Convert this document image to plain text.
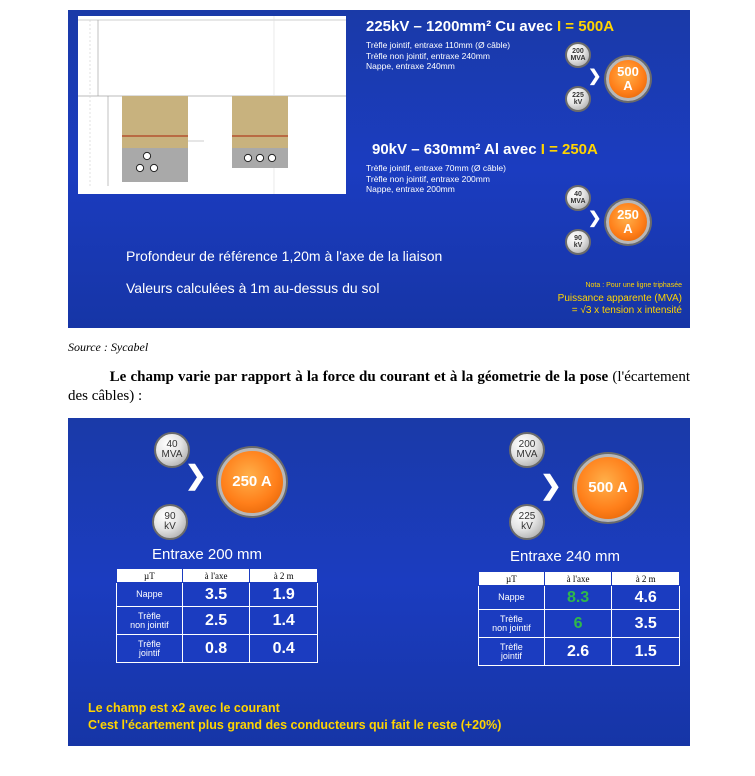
225kV – 1200mm² Cu avec I = 500A
Trèfle jointif, entraxe 110mm (Ø câble)
Trèfle non jointif, entraxe 240mm
Nappe, entraxe 240mm
200
MVA
❯ 500
A
225
kV
90kV – 630mm² Al avec I = 250A
Trèfle jointif, entraxe 70mm (Ø câble)
Trèfle non jointif, entraxe 200mm
Nappe, entraxe 200mm
40
MVA
❯ 250
A
90
kV
Profondeur de référence 1,20m à l'axe de la liaison
Valeurs calculées à 1m au-dessus du sol	Nota : Pour une ligne triphasée
Puissance apparente (MVA)
= √3 x tension x intensité
Source : Sycabel
Le champ varie par rapport à la force du courant et à la géometrie de la pose (l'écartement des câbles) :
40
MVA
❯ 250 A
90
kV
Entraxe 200 mm
µT	à l'axe	à 2 m

Nappe	3.5	1.9

Trèfle
non jointif	2.5	1.4

Trèfle
jointif	0.8	0.4
200
MVA
❯ 500 A
225
kV
Entraxe 240 mm
µT	à l'axe	à 2 m

Nappe	8.3	4.6

Trèfle
non jointif	6	3.5

Trèfle
jointif	2.6	1.5
Le champ est x2 avec le courant
C'est l'écartement plus grand des conducteurs qui fait le reste (+20%)
